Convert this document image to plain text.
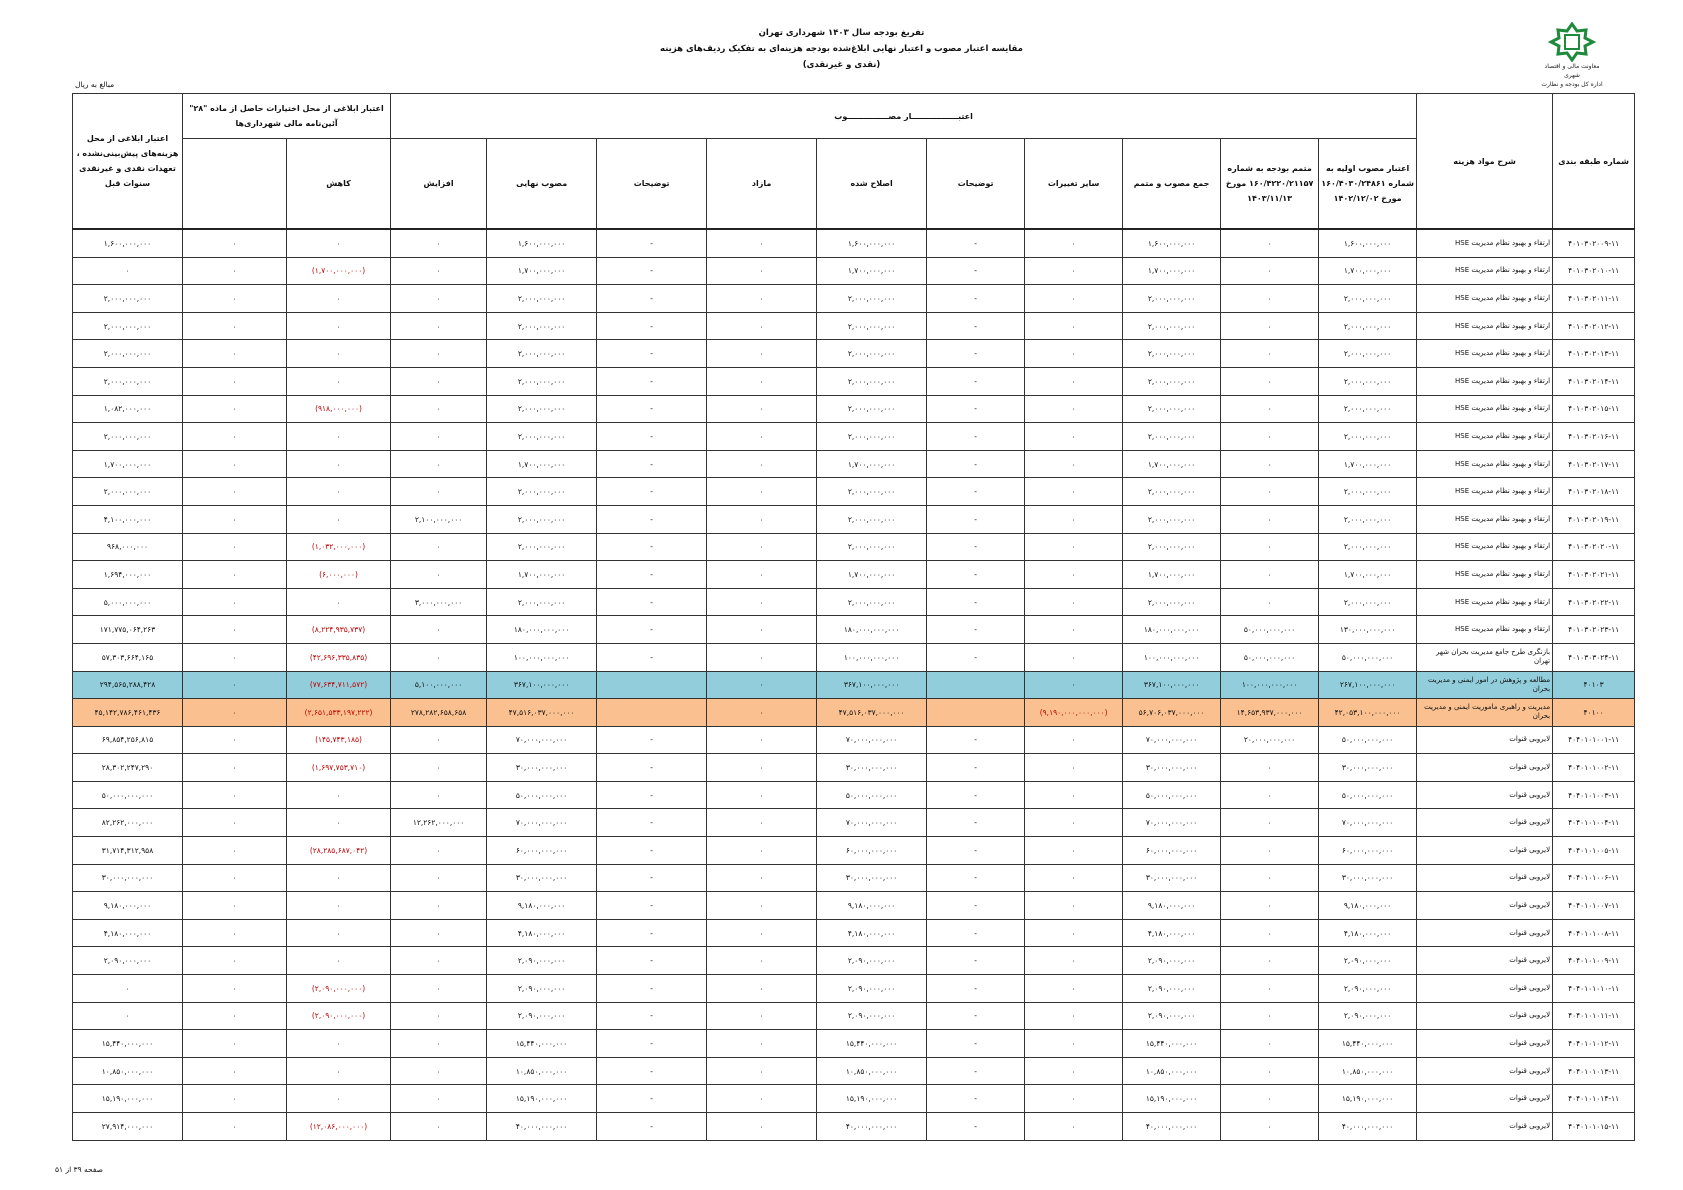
تفریغ بودجه سال ۱۴۰۳ شهرداری تهران
مقایسه اعتبار مصوب و اعتبار نهایی ابلاغ‌شده بودجه هزینه‌ای به تفکیک ردیف‌های هزینه
(نقدی و غیرنقدی)	معاونت مالی و اقتصاد شهری
اداره کل بودجه و نظارت
مبالغ به ریال
شماره طبقه بندی	شرح مواد هزینه	اعتبـــــــــــــــــار مصـــــــــــــــوب										اعتبار ابلاغی از محل اختیارات حاصل از ماده "۲۸" آئین‌نامه مالی شهرداری‌ها		اعتبار ابلاغی از محل هزینه‌های پیش‌بینی‌نشده ، تعهدات نقدی و غیرنقدی سنوات قبل	
		اعتبار مصوب اولیه به شماره ۱۶۰/۴۰۳۰/۲۴۸۶۱ مورخ ۱۴۰۲/۱۲/۰۲	متمم بودجه به شماره ۱۶۰/۴۲۲۰/۲۱۱۵۷ مورخ ۱۴۰۳/۱۱/۱۳	جمع مصوب و متمم	سایر تغییرات	توضیحات	اصلاح شده	مازاد	توضیحات	مصوب نهایی	افزایش	کاهش			
۴۰۱۰۳۰۲۰۰۹-۱۱	ارتقاء و بهبود نظام مدیریت HSE	۱,۶۰۰,۰۰۰,۰۰۰	۰	۱,۶۰۰,۰۰۰,۰۰۰	۰	-	۱,۶۰۰,۰۰۰,۰۰۰	۰	-	۱,۶۰۰,۰۰۰,۰۰۰	۰	۰	۰	۱,۶۰۰,۰۰۰,۰۰۰	
۴۰۱۰۳۰۲۰۱۰-۱۱	ارتقاء و بهبود نظام مدیریت HSE	۱,۷۰۰,۰۰۰,۰۰۰	۰	۱,۷۰۰,۰۰۰,۰۰۰	۰	-	۱,۷۰۰,۰۰۰,۰۰۰	۰	-	۱,۷۰۰,۰۰۰,۰۰۰	۰	(۱,۷۰۰,۰۰۰,۰۰۰)	۰	۰	
۴۰۱۰۳۰۲۰۱۱-۱۱	ارتقاء و بهبود نظام مدیریت HSE	۲,۰۰۰,۰۰۰,۰۰۰	۰	۲,۰۰۰,۰۰۰,۰۰۰	۰	-	۲,۰۰۰,۰۰۰,۰۰۰	۰	-	۲,۰۰۰,۰۰۰,۰۰۰	۰	۰	۰	۲,۰۰۰,۰۰۰,۰۰۰	
۴۰۱۰۳۰۲۰۱۲-۱۱	ارتقاء و بهبود نظام مدیریت HSE	۲,۰۰۰,۰۰۰,۰۰۰	۰	۲,۰۰۰,۰۰۰,۰۰۰	۰	-	۲,۰۰۰,۰۰۰,۰۰۰	۰	-	۲,۰۰۰,۰۰۰,۰۰۰	۰	۰	۰	۲,۰۰۰,۰۰۰,۰۰۰	
۴۰۱۰۳۰۲۰۱۳-۱۱	ارتقاء و بهبود نظام مدیریت HSE	۲,۰۰۰,۰۰۰,۰۰۰	۰	۲,۰۰۰,۰۰۰,۰۰۰	۰	-	۲,۰۰۰,۰۰۰,۰۰۰	۰	-	۲,۰۰۰,۰۰۰,۰۰۰	۰	۰	۰	۲,۰۰۰,۰۰۰,۰۰۰	
۴۰۱۰۳۰۲۰۱۴-۱۱	ارتقاء و بهبود نظام مدیریت HSE	۲,۰۰۰,۰۰۰,۰۰۰	۰	۲,۰۰۰,۰۰۰,۰۰۰	۰	-	۲,۰۰۰,۰۰۰,۰۰۰	۰	-	۲,۰۰۰,۰۰۰,۰۰۰	۰	۰	۰	۲,۰۰۰,۰۰۰,۰۰۰	
۴۰۱۰۳۰۲۰۱۵-۱۱	ارتقاء و بهبود نظام مدیریت HSE	۲,۰۰۰,۰۰۰,۰۰۰	۰	۲,۰۰۰,۰۰۰,۰۰۰	۰	-	۲,۰۰۰,۰۰۰,۰۰۰	۰	-	۲,۰۰۰,۰۰۰,۰۰۰	۰	(۹۱۸,۰۰۰,۰۰۰)	۰	۱,۰۸۲,۰۰۰,۰۰۰	
۴۰۱۰۳۰۲۰۱۶-۱۱	ارتقاء و بهبود نظام مدیریت HSE	۲,۰۰۰,۰۰۰,۰۰۰	۰	۲,۰۰۰,۰۰۰,۰۰۰	۰	-	۲,۰۰۰,۰۰۰,۰۰۰	۰	-	۲,۰۰۰,۰۰۰,۰۰۰	۰	۰	۰	۲,۰۰۰,۰۰۰,۰۰۰	
۴۰۱۰۳۰۲۰۱۷-۱۱	ارتقاء و بهبود نظام مدیریت HSE	۱,۷۰۰,۰۰۰,۰۰۰	۰	۱,۷۰۰,۰۰۰,۰۰۰	۰	-	۱,۷۰۰,۰۰۰,۰۰۰	۰	-	۱,۷۰۰,۰۰۰,۰۰۰	۰	۰	۰	۱,۷۰۰,۰۰۰,۰۰۰	
۴۰۱۰۳۰۲۰۱۸-۱۱	ارتقاء و بهبود نظام مدیریت HSE	۲,۰۰۰,۰۰۰,۰۰۰	۰	۲,۰۰۰,۰۰۰,۰۰۰	۰	-	۲,۰۰۰,۰۰۰,۰۰۰	۰	-	۲,۰۰۰,۰۰۰,۰۰۰	۰	۰	۰	۲,۰۰۰,۰۰۰,۰۰۰	
۴۰۱۰۳۰۲۰۱۹-۱۱	ارتقاء و بهبود نظام مدیریت HSE	۲,۰۰۰,۰۰۰,۰۰۰	۰	۲,۰۰۰,۰۰۰,۰۰۰	۰	-	۲,۰۰۰,۰۰۰,۰۰۰	۰	-	۲,۰۰۰,۰۰۰,۰۰۰	۲,۱۰۰,۰۰۰,۰۰۰	۰	۰	۴,۱۰۰,۰۰۰,۰۰۰	
۴۰۱۰۳۰۲۰۲۰-۱۱	ارتقاء و بهبود نظام مدیریت HSE	۲,۰۰۰,۰۰۰,۰۰۰	۰	۲,۰۰۰,۰۰۰,۰۰۰	۰	-	۲,۰۰۰,۰۰۰,۰۰۰	۰	-	۲,۰۰۰,۰۰۰,۰۰۰	۰	(۱,۰۳۲,۰۰۰,۰۰۰)	۰	۹۶۸,۰۰۰,۰۰۰	
۴۰۱۰۳۰۲۰۲۱-۱۱	ارتقاء و بهبود نظام مدیریت HSE	۱,۷۰۰,۰۰۰,۰۰۰	۰	۱,۷۰۰,۰۰۰,۰۰۰	۰	-	۱,۷۰۰,۰۰۰,۰۰۰	۰	-	۱,۷۰۰,۰۰۰,۰۰۰	۰	(۶,۰۰۰,۰۰۰)	۰	۱,۶۹۴,۰۰۰,۰۰۰	
۴۰۱۰۳۰۲۰۲۲-۱۱	ارتقاء و بهبود نظام مدیریت HSE	۲,۰۰۰,۰۰۰,۰۰۰	۰	۲,۰۰۰,۰۰۰,۰۰۰	۰	-	۲,۰۰۰,۰۰۰,۰۰۰	۰	-	۲,۰۰۰,۰۰۰,۰۰۰	۳,۰۰۰,۰۰۰,۰۰۰	۰	۰	۵,۰۰۰,۰۰۰,۰۰۰	
۴۰۱۰۳۰۲۰۲۳-۱۱	ارتقاء و بهبود نظام مدیریت HSE	۱۳۰,۰۰۰,۰۰۰,۰۰۰	۵۰,۰۰۰,۰۰۰,۰۰۰	۱۸۰,۰۰۰,۰۰۰,۰۰۰	۰	-	۱۸۰,۰۰۰,۰۰۰,۰۰۰	۰	-	۱۸۰,۰۰۰,۰۰۰,۰۰۰	۰	(۸,۲۲۴,۹۳۵,۷۳۷)	۰	۱۷۱,۷۷۵,۰۶۴,۲۶۳	
۴۰۱۰۳۰۳۰۲۴-۱۱	بازنگری طرح جامع مدیریت بحران شهر تهران	۵۰,۰۰۰,۰۰۰,۰۰۰	۵۰,۰۰۰,۰۰۰,۰۰۰	۱۰۰,۰۰۰,۰۰۰,۰۰۰	۰	-	۱۰۰,۰۰۰,۰۰۰,۰۰۰	۰	-	۱۰۰,۰۰۰,۰۰۰,۰۰۰	۰	(۴۲,۶۹۶,۳۳۵,۸۳۵)	۰	۵۷,۳۰۳,۶۶۴,۱۶۵	
۴۰۱۰۳	مطالعه و پژوهش در امور ایمنی و مدیریت بحران	۲۶۷,۱۰۰,۰۰۰,۰۰۰	۱۰۰,۰۰۰,۰۰۰,۰۰۰	۳۶۷,۱۰۰,۰۰۰,۰۰۰	۰		۳۶۷,۱۰۰,۰۰۰,۰۰۰	۰		۳۶۷,۱۰۰,۰۰۰,۰۰۰	۵,۱۰۰,۰۰۰,۰۰۰	(۷۷,۶۳۴,۷۱۱,۵۷۲)	۰	۲۹۴,۵۶۵,۲۸۸,۴۲۸	
۴۰۱۰۰	مدیریت و راهبری ماموریت ایمنی و مدیریت بحران	۴۲,۰۵۳,۱۰۰,۰۰۰,۰۰۰	۱۴,۶۵۳,۹۳۷,۰۰۰,۰۰۰	۵۶,۷۰۶,۰۳۷,۰۰۰,۰۰۰	(۹,۱۹۰,۰۰۰,۰۰۰,۰۰۰)		۴۷,۵۱۶,۰۳۷,۰۰۰,۰۰۰	۰		۴۷,۵۱۶,۰۳۷,۰۰۰,۰۰۰	۲۷۸,۲۸۲,۶۵۸,۶۵۸	(۲,۶۵۱,۵۳۳,۱۹۷,۲۲۲)	۰	۴۵,۱۴۲,۷۸۶,۴۶۱,۴۳۶	
۴۰۴۰۱۰۱۰۰۱-۱۱	لایروبی قنوات	۵۰,۰۰۰,۰۰۰,۰۰۰	۲۰,۰۰۰,۰۰۰,۰۰۰	۷۰,۰۰۰,۰۰۰,۰۰۰	۰	-	۷۰,۰۰۰,۰۰۰,۰۰۰	۰	-	۷۰,۰۰۰,۰۰۰,۰۰۰	۰	(۱۴۵,۷۴۳,۱۸۵)	۰	۶۹,۸۵۴,۲۵۶,۸۱۵	
۴۰۴۰۱۰۱۰۰۲-۱۱	لایروبی قنوات	۳۰,۰۰۰,۰۰۰,۰۰۰	۰	۳۰,۰۰۰,۰۰۰,۰۰۰	۰	-	۳۰,۰۰۰,۰۰۰,۰۰۰	۰	-	۳۰,۰۰۰,۰۰۰,۰۰۰	۰	(۱,۶۹۷,۷۵۳,۷۱۰)	۰	۲۸,۳۰۲,۲۴۷,۲۹۰	
۴۰۴۰۱۰۱۰۰۳-۱۱	لایروبی قنوات	۵۰,۰۰۰,۰۰۰,۰۰۰	۰	۵۰,۰۰۰,۰۰۰,۰۰۰	۰	-	۵۰,۰۰۰,۰۰۰,۰۰۰	۰	-	۵۰,۰۰۰,۰۰۰,۰۰۰	۰	۰	۰	۵۰,۰۰۰,۰۰۰,۰۰۰	
۴۰۴۰۱۰۱۰۰۴-۱۱	لایروبی قنوات	۷۰,۰۰۰,۰۰۰,۰۰۰	۰	۷۰,۰۰۰,۰۰۰,۰۰۰	۰	-	۷۰,۰۰۰,۰۰۰,۰۰۰	۰	-	۷۰,۰۰۰,۰۰۰,۰۰۰	۱۲,۲۶۲,۰۰۰,۰۰۰	۰	۰	۸۲,۲۶۲,۰۰۰,۰۰۰	
۴۰۴۰۱۰۱۰۰۵-۱۱	لایروبی قنوات	۶۰,۰۰۰,۰۰۰,۰۰۰	۰	۶۰,۰۰۰,۰۰۰,۰۰۰	۰	-	۶۰,۰۰۰,۰۰۰,۰۰۰	۰	-	۶۰,۰۰۰,۰۰۰,۰۰۰	۰	(۲۸,۲۸۵,۶۸۷,۰۴۲)	۰	۳۱,۷۱۴,۳۱۲,۹۵۸	
۴۰۴۰۱۰۱۰۰۶-۱۱	لایروبی قنوات	۳۰,۰۰۰,۰۰۰,۰۰۰	۰	۳۰,۰۰۰,۰۰۰,۰۰۰	۰	-	۳۰,۰۰۰,۰۰۰,۰۰۰	۰	-	۳۰,۰۰۰,۰۰۰,۰۰۰	۰	۰	۰	۳۰,۰۰۰,۰۰۰,۰۰۰	
۴۰۴۰۱۰۱۰۰۷-۱۱	لایروبی قنوات	۹,۱۸۰,۰۰۰,۰۰۰	۰	۹,۱۸۰,۰۰۰,۰۰۰	۰	-	۹,۱۸۰,۰۰۰,۰۰۰	۰	-	۹,۱۸۰,۰۰۰,۰۰۰	۰	۰	۰	۹,۱۸۰,۰۰۰,۰۰۰	
۴۰۴۰۱۰۱۰۰۸-۱۱	لایروبی قنوات	۴,۱۸۰,۰۰۰,۰۰۰	۰	۴,۱۸۰,۰۰۰,۰۰۰	۰	-	۴,۱۸۰,۰۰۰,۰۰۰	۰	-	۴,۱۸۰,۰۰۰,۰۰۰	۰	۰	۰	۴,۱۸۰,۰۰۰,۰۰۰	
۴۰۴۰۱۰۱۰۰۹-۱۱	لایروبی قنوات	۲,۰۹۰,۰۰۰,۰۰۰	۰	۲,۰۹۰,۰۰۰,۰۰۰	۰	-	۲,۰۹۰,۰۰۰,۰۰۰	۰	-	۲,۰۹۰,۰۰۰,۰۰۰	۰	۰	۰	۲,۰۹۰,۰۰۰,۰۰۰	
۴۰۴۰۱۰۱۰۱۰-۱۱	لایروبی قنوات	۲,۰۹۰,۰۰۰,۰۰۰	۰	۲,۰۹۰,۰۰۰,۰۰۰	۰	-	۲,۰۹۰,۰۰۰,۰۰۰	۰	-	۲,۰۹۰,۰۰۰,۰۰۰	۰	(۲,۰۹۰,۰۰۰,۰۰۰)	۰	۰	
۴۰۴۰۱۰۱۰۱۱-۱۱	لایروبی قنوات	۲,۰۹۰,۰۰۰,۰۰۰	۰	۲,۰۹۰,۰۰۰,۰۰۰	۰	-	۲,۰۹۰,۰۰۰,۰۰۰	۰	-	۲,۰۹۰,۰۰۰,۰۰۰	۰	(۲,۰۹۰,۰۰۰,۰۰۰)	۰	۰	
۴۰۴۰۱۰۱۰۱۲-۱۱	لایروبی قنوات	۱۵,۴۴۰,۰۰۰,۰۰۰	۰	۱۵,۴۴۰,۰۰۰,۰۰۰	۰	-	۱۵,۴۴۰,۰۰۰,۰۰۰	۰	-	۱۵,۴۴۰,۰۰۰,۰۰۰	۰	۰	۰	۱۵,۴۴۰,۰۰۰,۰۰۰	
۴۰۴۰۱۰۱۰۱۳-۱۱	لایروبی قنوات	۱۰,۸۵۰,۰۰۰,۰۰۰	۰	۱۰,۸۵۰,۰۰۰,۰۰۰	۰	-	۱۰,۸۵۰,۰۰۰,۰۰۰	۰	-	۱۰,۸۵۰,۰۰۰,۰۰۰	۰	۰	۰	۱۰,۸۵۰,۰۰۰,۰۰۰	
۴۰۴۰۱۰۱۰۱۴-۱۱	لایروبی قنوات	۱۵,۱۹۰,۰۰۰,۰۰۰	۰	۱۵,۱۹۰,۰۰۰,۰۰۰	۰	-	۱۵,۱۹۰,۰۰۰,۰۰۰	۰	-	۱۵,۱۹۰,۰۰۰,۰۰۰	۰	۰	۰	۱۵,۱۹۰,۰۰۰,۰۰۰	
۴۰۴۰۱۰۱۰۱۵-۱۱	لایروبی قنوات	۴۰,۰۰۰,۰۰۰,۰۰۰	۰	۴۰,۰۰۰,۰۰۰,۰۰۰	۰	-	۴۰,۰۰۰,۰۰۰,۰۰۰	۰	-	۴۰,۰۰۰,۰۰۰,۰۰۰	۰	(۱۲,۰۸۶,۰۰۰,۰۰۰)	۰	۲۷,۹۱۴,۰۰۰,۰۰۰	
صفحه ۳۹ از ۵۱
